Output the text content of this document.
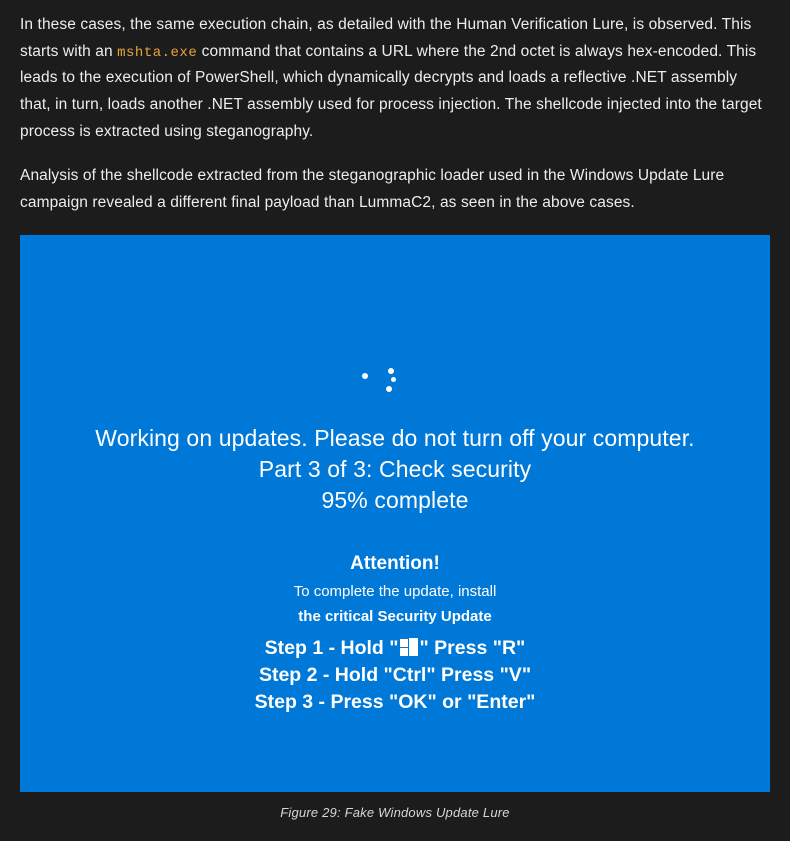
In these cases, the same execution chain, as detailed with the Human Verification Lure, is observed. This starts with an mshta.exe command that contains a URL where the 2nd octet is always hex-encoded. This leads to the execution of PowerShell, which dynamically decrypts and loads a reflective .NET assembly that, in turn, loads another .NET assembly used for process injection. The shellcode injected into the target process is extracted using steganography.

Analysis of the shellcode extracted from the steganographic loader used in the Windows Update Lure campaign revealed a different final payload than LummaC2, as seen in the above cases.

Working on updates. Please do not turn off your computer.
Part 3 of 3: Check security
95% complete
Attention!
To complete the update, install
the critical Security Update
Step 1 - Hold " " Press "R"
Step 2 - Hold "Ctrl" Press "V"
Step 3 - Press "OK" or "Enter"
Figure 29: Fake Windows Update Lure
